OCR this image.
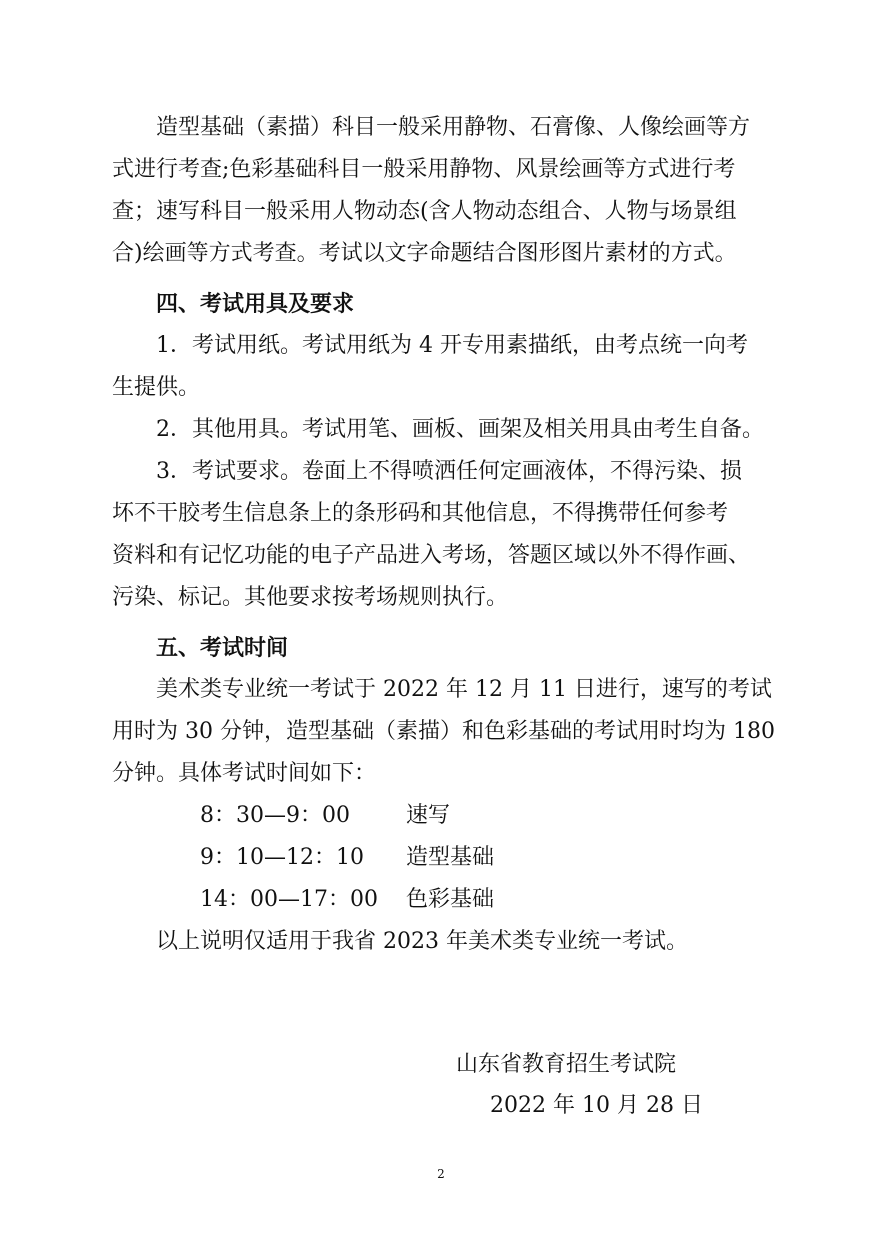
造型基础（素描）科目一般采用静物、石膏像、人像绘画等方
式进行考查;色彩基础科目一般采用静物、风景绘画等方式进行考
查；速写科目一般采用人物动态(含人物动态组合、人物与场景组
合)绘画等方式考查。考试以文字命题结合图形图片素材的方式。
四、考试用具及要求
1．考试用纸。考试用纸为 4 开专用素描纸，由考点统一向考
生提供。
2．其他用具。考试用笔、画板、画架及相关用具由考生自备。
3．考试要求。卷面上不得喷洒任何定画液体，不得污染、损
坏不干胶考生信息条上的条形码和其他信息，不得携带任何参考
资料和有记忆功能的电子产品进入考场，答题区域以外不得作画、
污染、标记。其他要求按考场规则执行。
五、考试时间
美术类专业统一考试于 2022 年 12 月 11 日进行，速写的考试
用时为 30 分钟，造型基础（素描）和色彩基础的考试用时均为 180
分钟。具体考试时间如下：
8：30—9：00	速写
9：10—12：10	造型基础
14：00—17：00	色彩基础
以上说明仅适用于我省 2023 年美术类专业统一考试。
山东省教育招生考试院
2022 年 10 月 28 日
2
